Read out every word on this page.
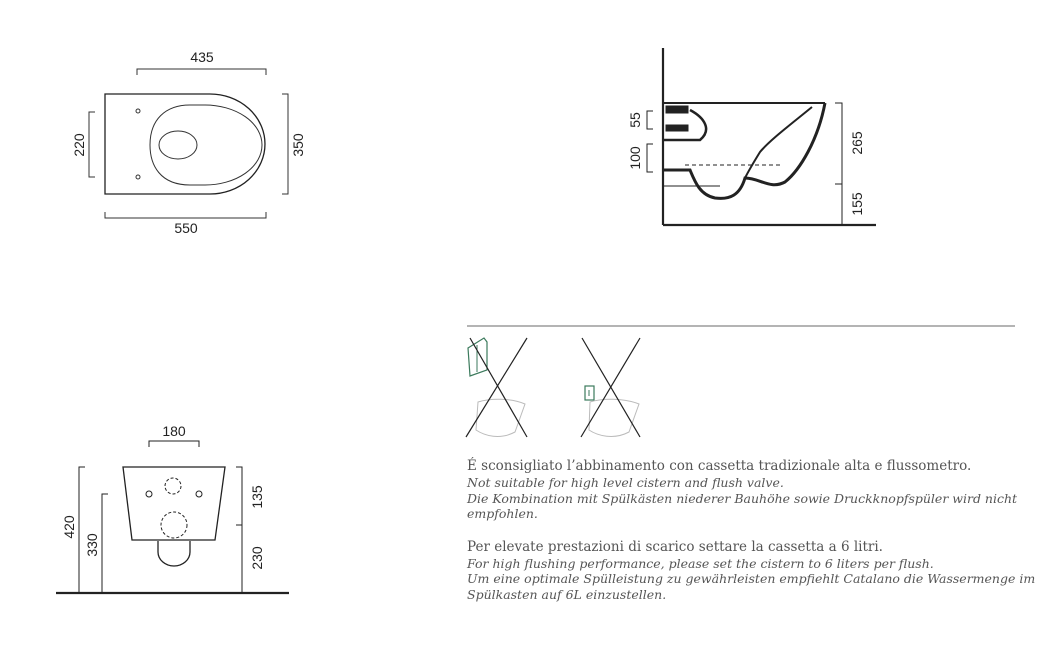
435
550
220	350
55
100
265
155
180
420
330
135
230
É sconsigliato l’abbinamento con cassetta tradizionale alta e flussometro.
Not suitable for high level cistern and flush valve.
Die Kombination mit Spülkästen niederer Bauhöhe sowie Druckknopfspüler wird nicht empfohlen.
Per elevate prestazioni di scarico settare la cassetta a 6 litri.
For high flushing performance, please set the cistern to 6 liters per flush.
Um eine optimale Spülleistung zu gewährleisten empfiehlt Catalano die Wassermenge im Spülkasten auf 6L einzustellen.
